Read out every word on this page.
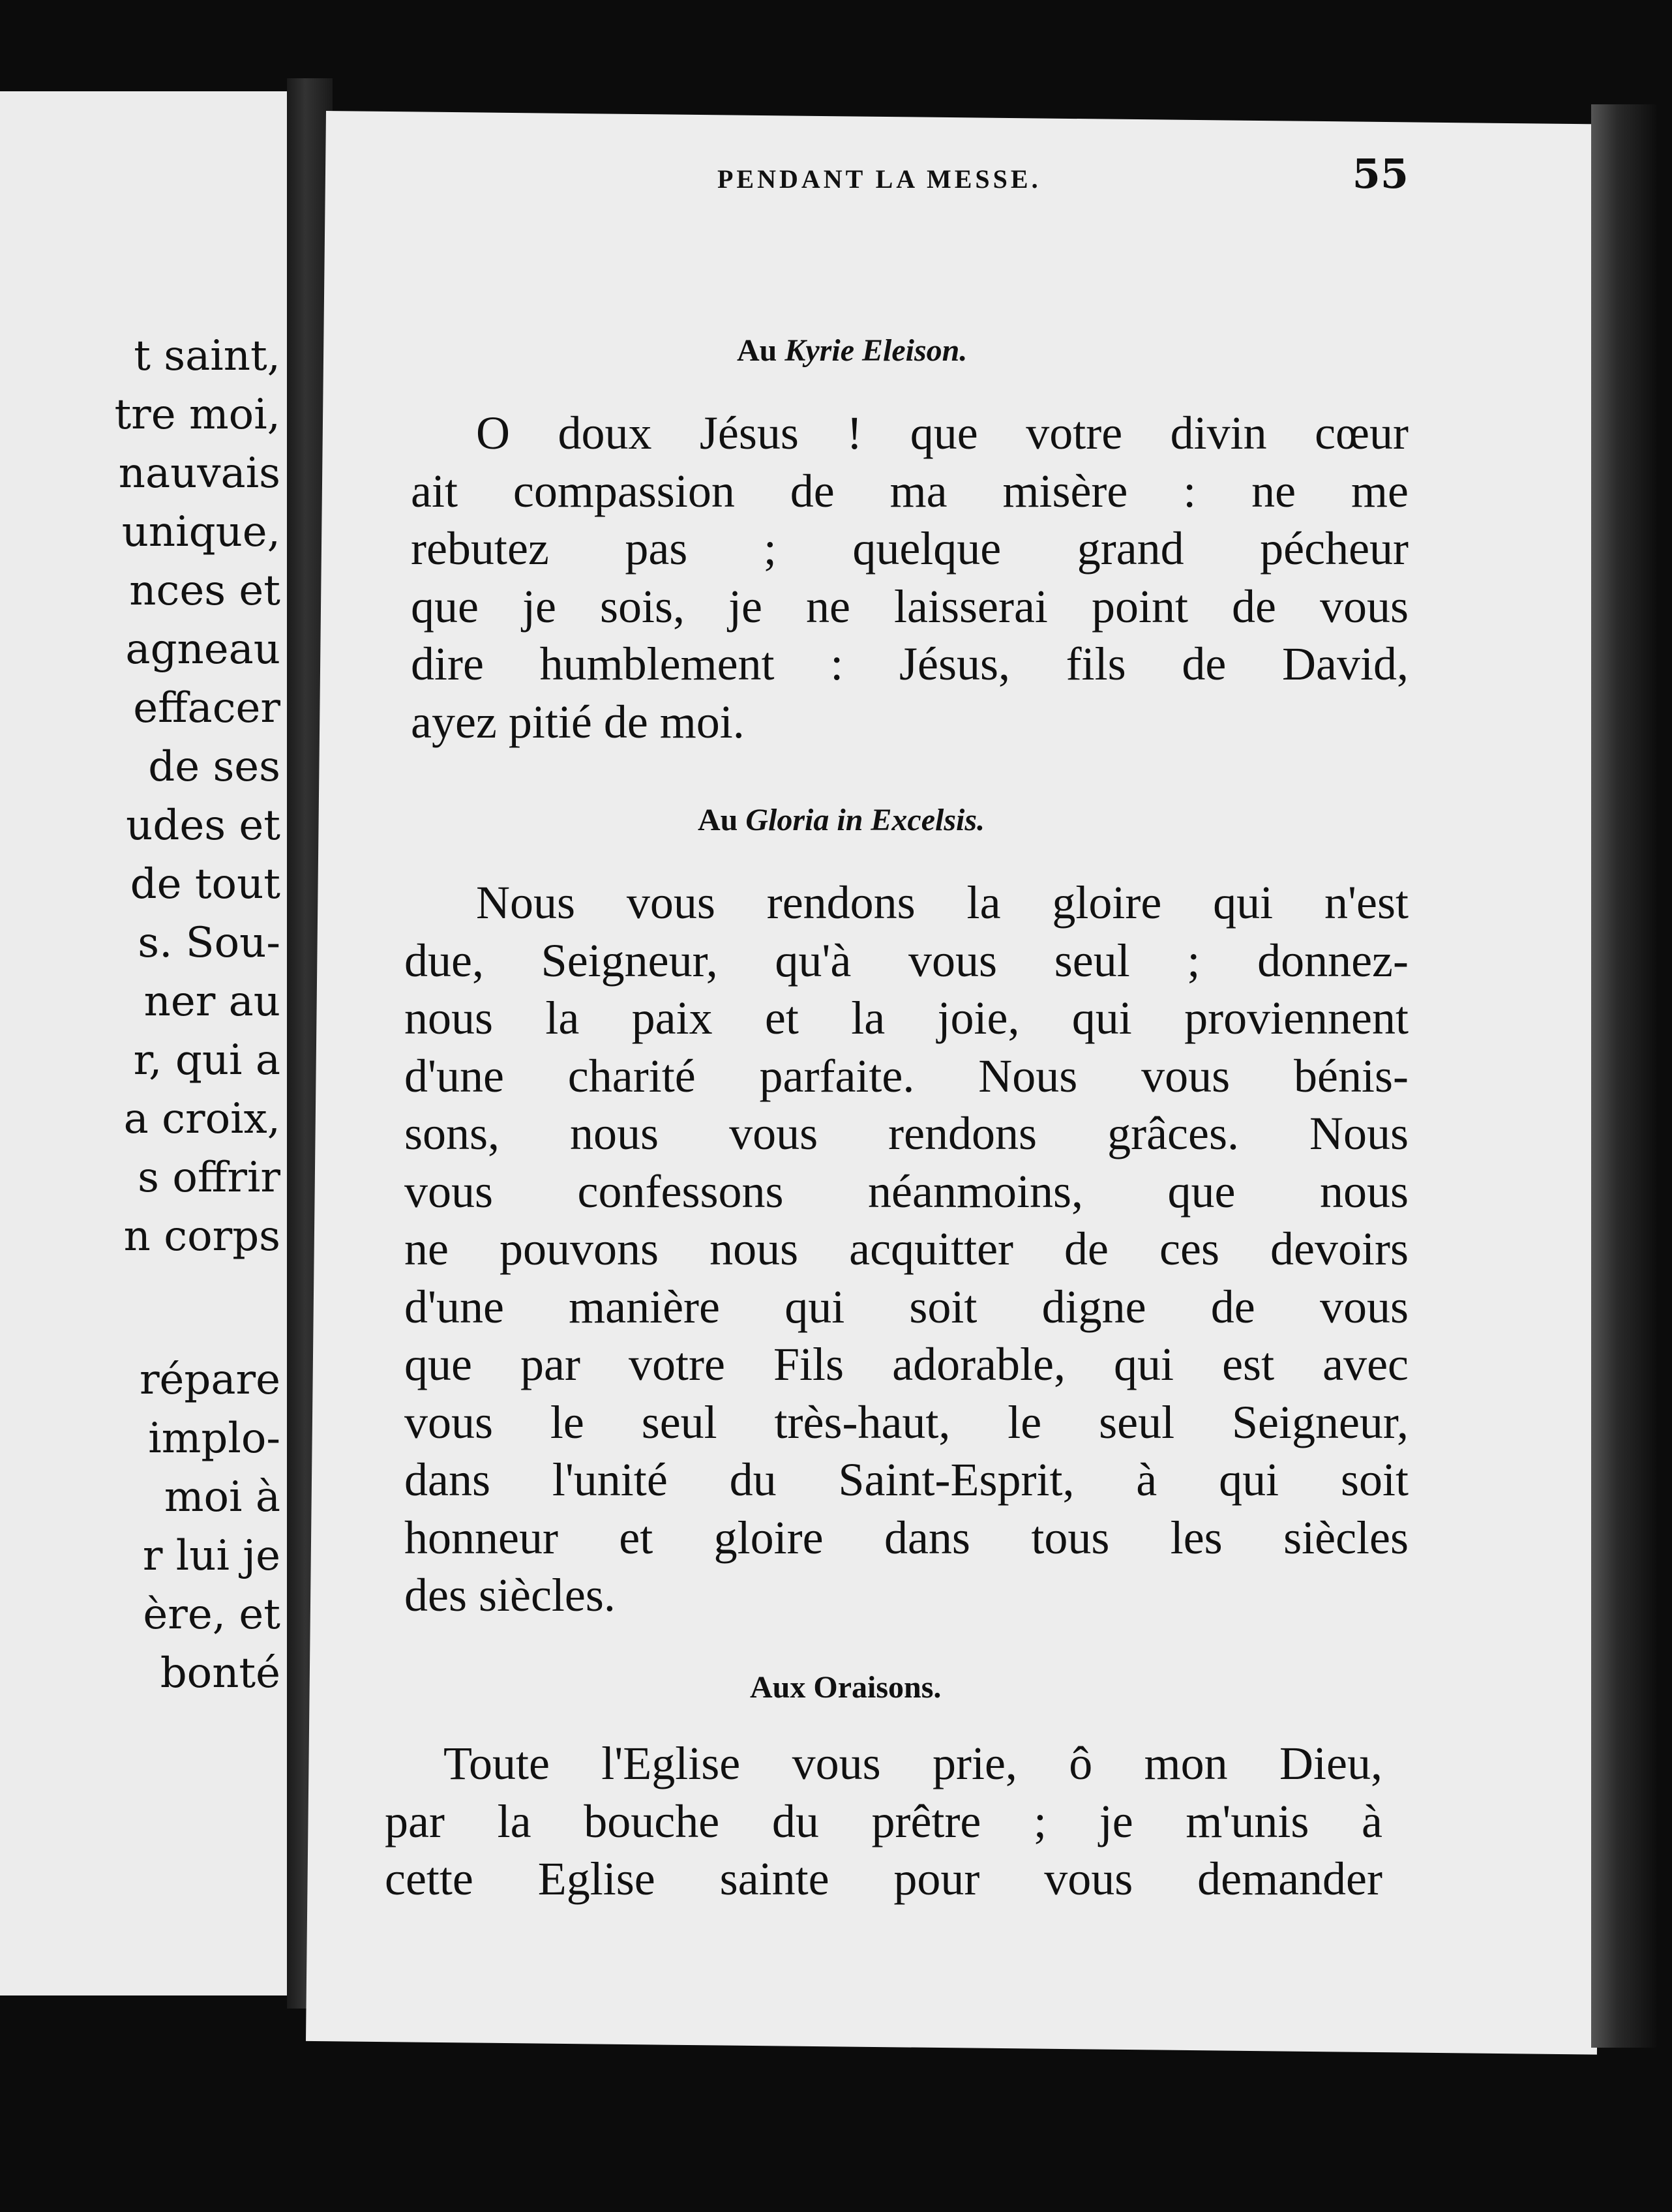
t saint,
tre moi,
nauvais
unique,
nces et
agneau
effacer
de ses
udes et
de tout
s. Sou-
ner au
r, qui a
a croix,
s offrir
n corps
répare
implo-
moi à
r lui je
ère, et
bonté
PENDANT LA MESSE.	55
Au Kyrie Eleison.
O doux Jésus ! que votre divin cœur
ait compassion de ma misère : ne me
rebutez pas ; quelque grand pécheur
que je sois, je ne laisserai point de vous
dire humblement : Jésus, fils de David,
ayez pitié de moi.
Au Gloria in Excelsis.
Nous vous rendons la gloire qui n'est
due, Seigneur, qu'à vous seul ; donnez-
nous la paix et la joie, qui proviennent
d'une charité parfaite. Nous vous bénis-
sons, nous vous rendons grâces. Nous
vous confessons néanmoins, que nous
ne pouvons nous acquitter de ces devoirs
d'une manière qui soit digne de vous
que par votre Fils adorable, qui est avec
vous le seul très-haut, le seul Seigneur,
dans l'unité du Saint-Esprit, à qui soit
honneur et gloire dans tous les siècles
des siècles.
Aux Oraisons.
Toute l'Eglise vous prie, ô mon Dieu,
par la bouche du prêtre ; je m'unis à
cette Eglise sainte pour vous demander
